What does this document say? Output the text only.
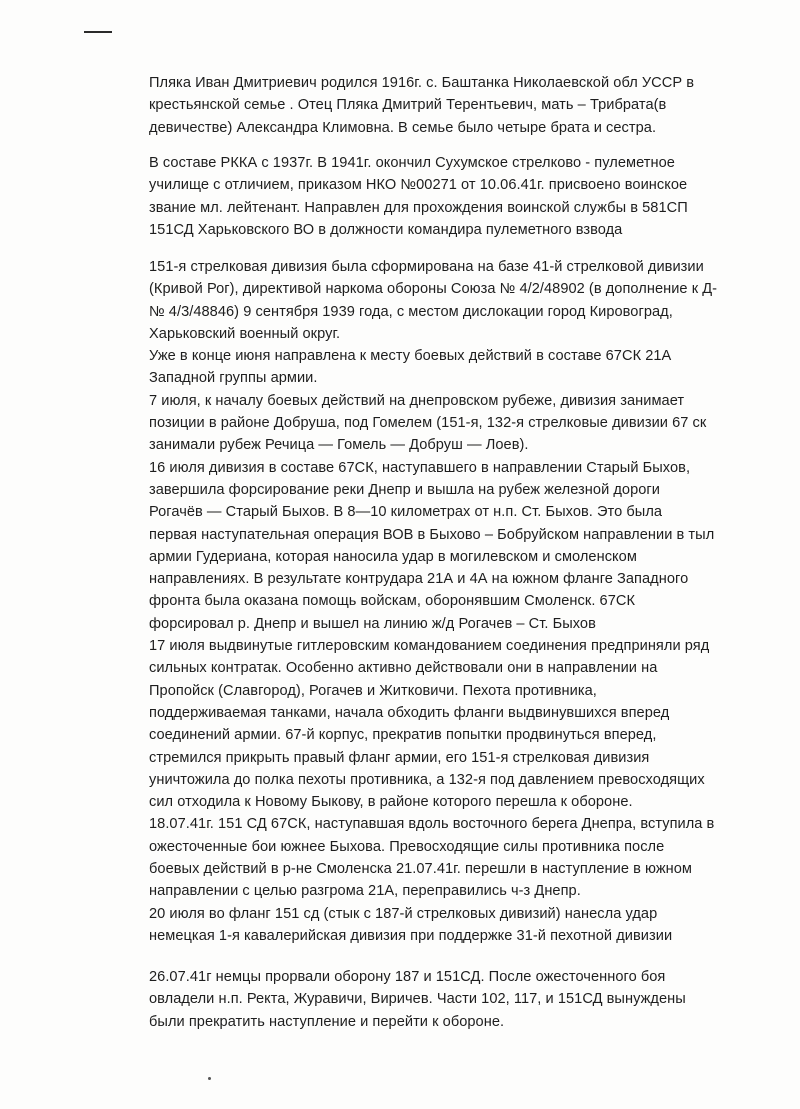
Пляка Иван Дмитриевич родился 1916г. с. Баштанка Николаевской обл УССР в
крестьянской семье . Отец Пляка Дмитрий Терентьевич, мать – Трибрата(в
девичестве) Александра Климовна. В семье было четыре брата и сестра.
В составе РККА с 1937г. В 1941г. окончил Сухумское стрелково - пулеметное
училище с отличием, приказом НКО №00271 от 10.06.41г. присвоено воинское
звание мл. лейтенант. Направлен для прохождения воинской службы в 581СП
151СД Харьковского ВО в должности командира пулеметного взвода
151-я стрелковая дивизия была сформирована на базе 41-й стрелковой дивизии
(Кривой Рог), директивой наркома обороны Союза № 4/2/48902 (в дополнение к Д-
№ 4/3/48846) 9 сентября 1939 года, с местом дислокации город Кировоград,
Харьковский военный округ.
Уже в конце июня направлена к месту боевых действий в составе 67СК 21А
Западной группы армии.
7 июля, к началу боевых действий на днепровском рубеже, дивизия занимает
позиции в районе Добруша, под Гомелем (151-я, 132-я стрелковые дивизии 67 ск
занимали рубеж Речица — Гомель — Добруш — Лоев).
16 июля дивизия в составе 67СК, наступавшего в направлении Старый Быхов,
завершила форсирование реки Днепр и вышла на рубеж железной дороги
Рогачёв — Старый Быхов. В 8—10 километрах от н.п. Ст. Быхов. Это была
первая наступательная операция ВОВ в Быхово – Бобруйском направлении в тыл
армии Гудериана, которая наносила удар в могилевском и смоленском
направлениях. В результате контрудара 21А и 4А на южном фланге Западного
фронта была оказана помощь войскам, оборонявшим Смоленск. 67СК
форсировал р. Днепр и вышел на линию ж/д Рогачев – Ст. Быхов
17 июля выдвинутые гитлеровским командованием соединения предприняли ряд
сильных контратак. Особенно активно действовали они в направлении на
Пропойск (Славгород), Рогачев и Житковичи. Пехота противника,
поддерживаемая танками, начала обходить фланги выдвинувшихся вперед
соединений армии. 67-й корпус, прекратив попытки продвинуться вперед,
стремился прикрыть правый фланг армии, его 151-я стрелковая дивизия
уничтожила до полка пехоты противника, а 132-я под давлением превосходящих
сил отходила к Новому Быкову, в районе которого перешла к обороне.
18.07.41г. 151 СД 67СК, наступавшая вдоль восточного берега Днепра, вступила в
ожесточенные бои южнее Быхова. Превосходящие силы противника после
боевых действий в р-не Смоленска 21.07.41г. перешли в наступление в южном
направлении с целью разгрома 21А, переправились ч-з Днепр.
20 июля во фланг 151 сд (стык с 187-й стрелковых дивизий) нанесла удар
немецкая 1-я кавалерийская дивизия при поддержке 31-й пехотной дивизии
26.07.41г немцы прорвали оборону 187 и 151СД. После ожесточенного боя
овладели н.п. Ректа, Журавичи, Виричев. Части 102, 117, и 151СД вынуждены
были прекратить наступление и перейти к обороне.
